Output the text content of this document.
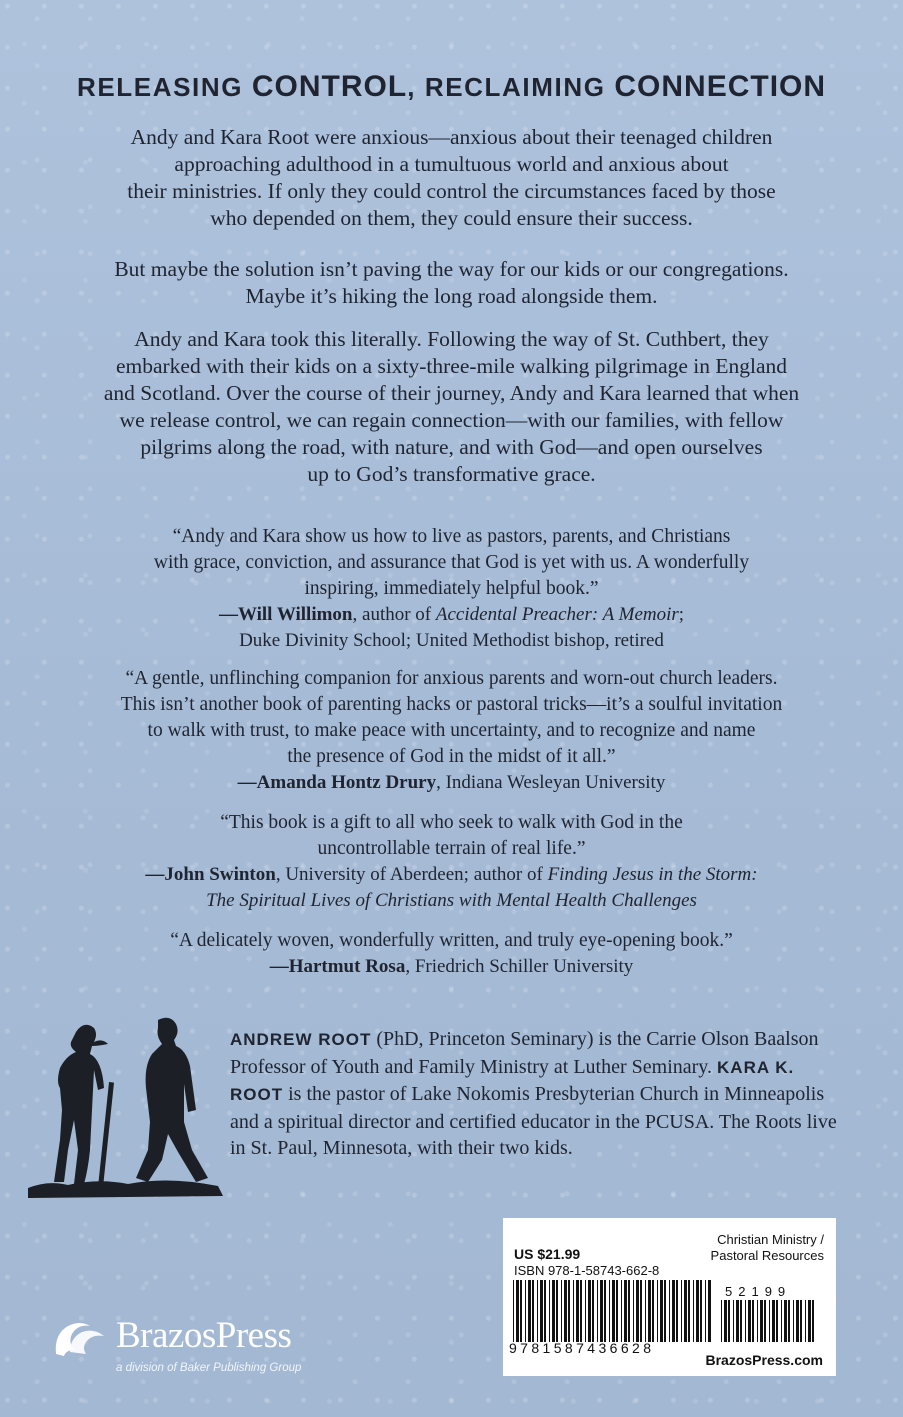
RELEASING CONTROL, RECLAIMING CONNECTION
Andy and Kara Root were anxious—anxious about their teenaged children
approaching adulthood in a tumultuous world and anxious about
their ministries. If only they could control the circumstances faced by those
who depended on them, they could ensure their success.
But maybe the solution isn’t paving the way for our kids or our congregations.
Maybe it’s hiking the long road alongside them.
Andy and Kara took this literally. Following the way of St. Cuthbert, they
embarked with their kids on a sixty-three-mile walking pilgrimage in England
and Scotland. Over the course of their journey, Andy and Kara learned that when
we release control, we can regain connection—with our families, with fellow
pilgrims along the road, with nature, and with God—and open ourselves
up to God’s transformative grace.
“Andy and Kara show us how to live as pastors, parents, and Christians
with grace, conviction, and assurance that God is yet with us. A wonderfully
inspiring, immediately helpful book.”
—Will Willimon, author of Accidental Preacher: A Memoir;
Duke Divinity School; United Methodist bishop, retired
“A gentle, unflinching companion for anxious parents and worn-out church leaders.
This isn’t another book of parenting hacks or pastoral tricks—it’s a soulful invitation
to walk with trust, to make peace with uncertainty, and to recognize and name
the presence of God in the midst of it all.”
—Amanda Hontz Drury, Indiana Wesleyan University
“This book is a gift to all who seek to walk with God in the
uncontrollable terrain of real life.”
—John Swinton, University of Aberdeen; author of Finding Jesus in the Storm:
The Spiritual Lives of Christians with Mental Health Challenges
“A delicately woven, wonderfully written, and truly eye-opening book.”
—Hartmut Rosa, Friedrich Schiller University
ANDREW ROOT (PhD, Princeton Seminary) is the Carrie Olson Baalson Professor of Youth and Family Ministry at Luther Seminary. KARA K. ROOT is the pastor of Lake Nokomis Presbyterian Church in Minneapolis and a spiritual director and certified educator in the PCUSA. The Roots live in St. Paul, Minnesota, with their two kids.
BrazosPress
a division of Baker Publishing Group
Christian Ministry /
Pastoral Resources
US $21.99
ISBN 978-1-58743-662-8
52199
9781587436628
BrazosPress.com
